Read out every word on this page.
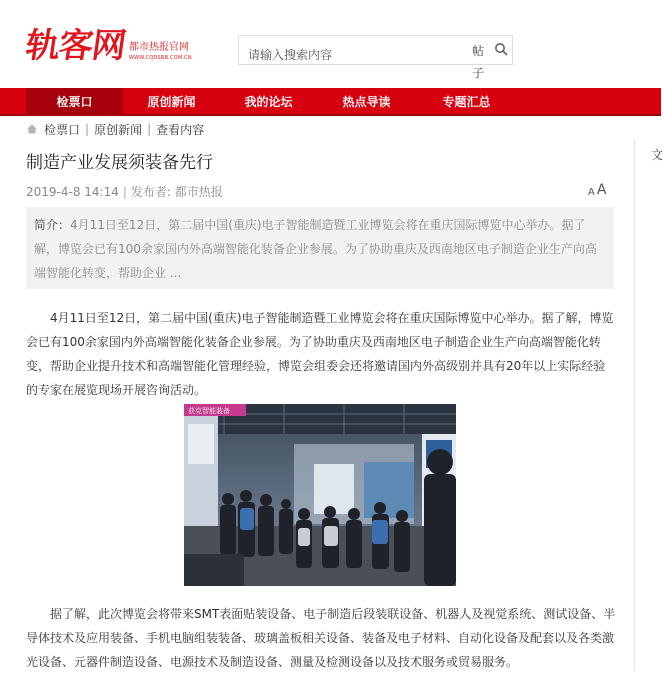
轨客网 都市热报官网
WWW.CQDSRB.COM.CN
请输入搜索内容	帖子
检票口	原创新闻	我的论坛	热点导读	专题汇总
检票口 | 原创新闻 | 查看内容
文
制造产业发展须装备先行
2019-4-8 14:14 | 发布者: 都市热报	A A
简介：4月11日至12日，第二届中国(重庆)电子智能制造暨工业博览会将在重庆国际博览中心举办。据了解，博览会已有100余家国内外高端智能化装备企业参展。为了协助重庆及西南地区电子制造企业生产向高端智能化转变，帮助企业 ...

4月11日至12日，第二届中国(重庆)电子智能制造暨工业博览会将在重庆国际博览中心举办。据了解，博览会已有100余家国内外高端智能化装备企业参展。为了协助重庆及西南地区电子制造企业生产向高端智能化转变，帮助企业提升技术和高端智能化管理经验，博览会组委会还将邀请国内外高级别并具有20年以上实际经验的专家在展览现场开展咨询活动。

获克智能装备

据了解，此次博览会将带来SMT表面贴装设备、电子制造后段装联设备、机器人及视觉系统、测试设备、半导体技术及应用装备、手机电脑组装装备、玻璃盖板相关设备、装备及电子材料、自动化设备及配套以及各类激光设备、元器件制造设备、电源技术及制造设备、测量及检测设备以及技术服务或贸易服务。
